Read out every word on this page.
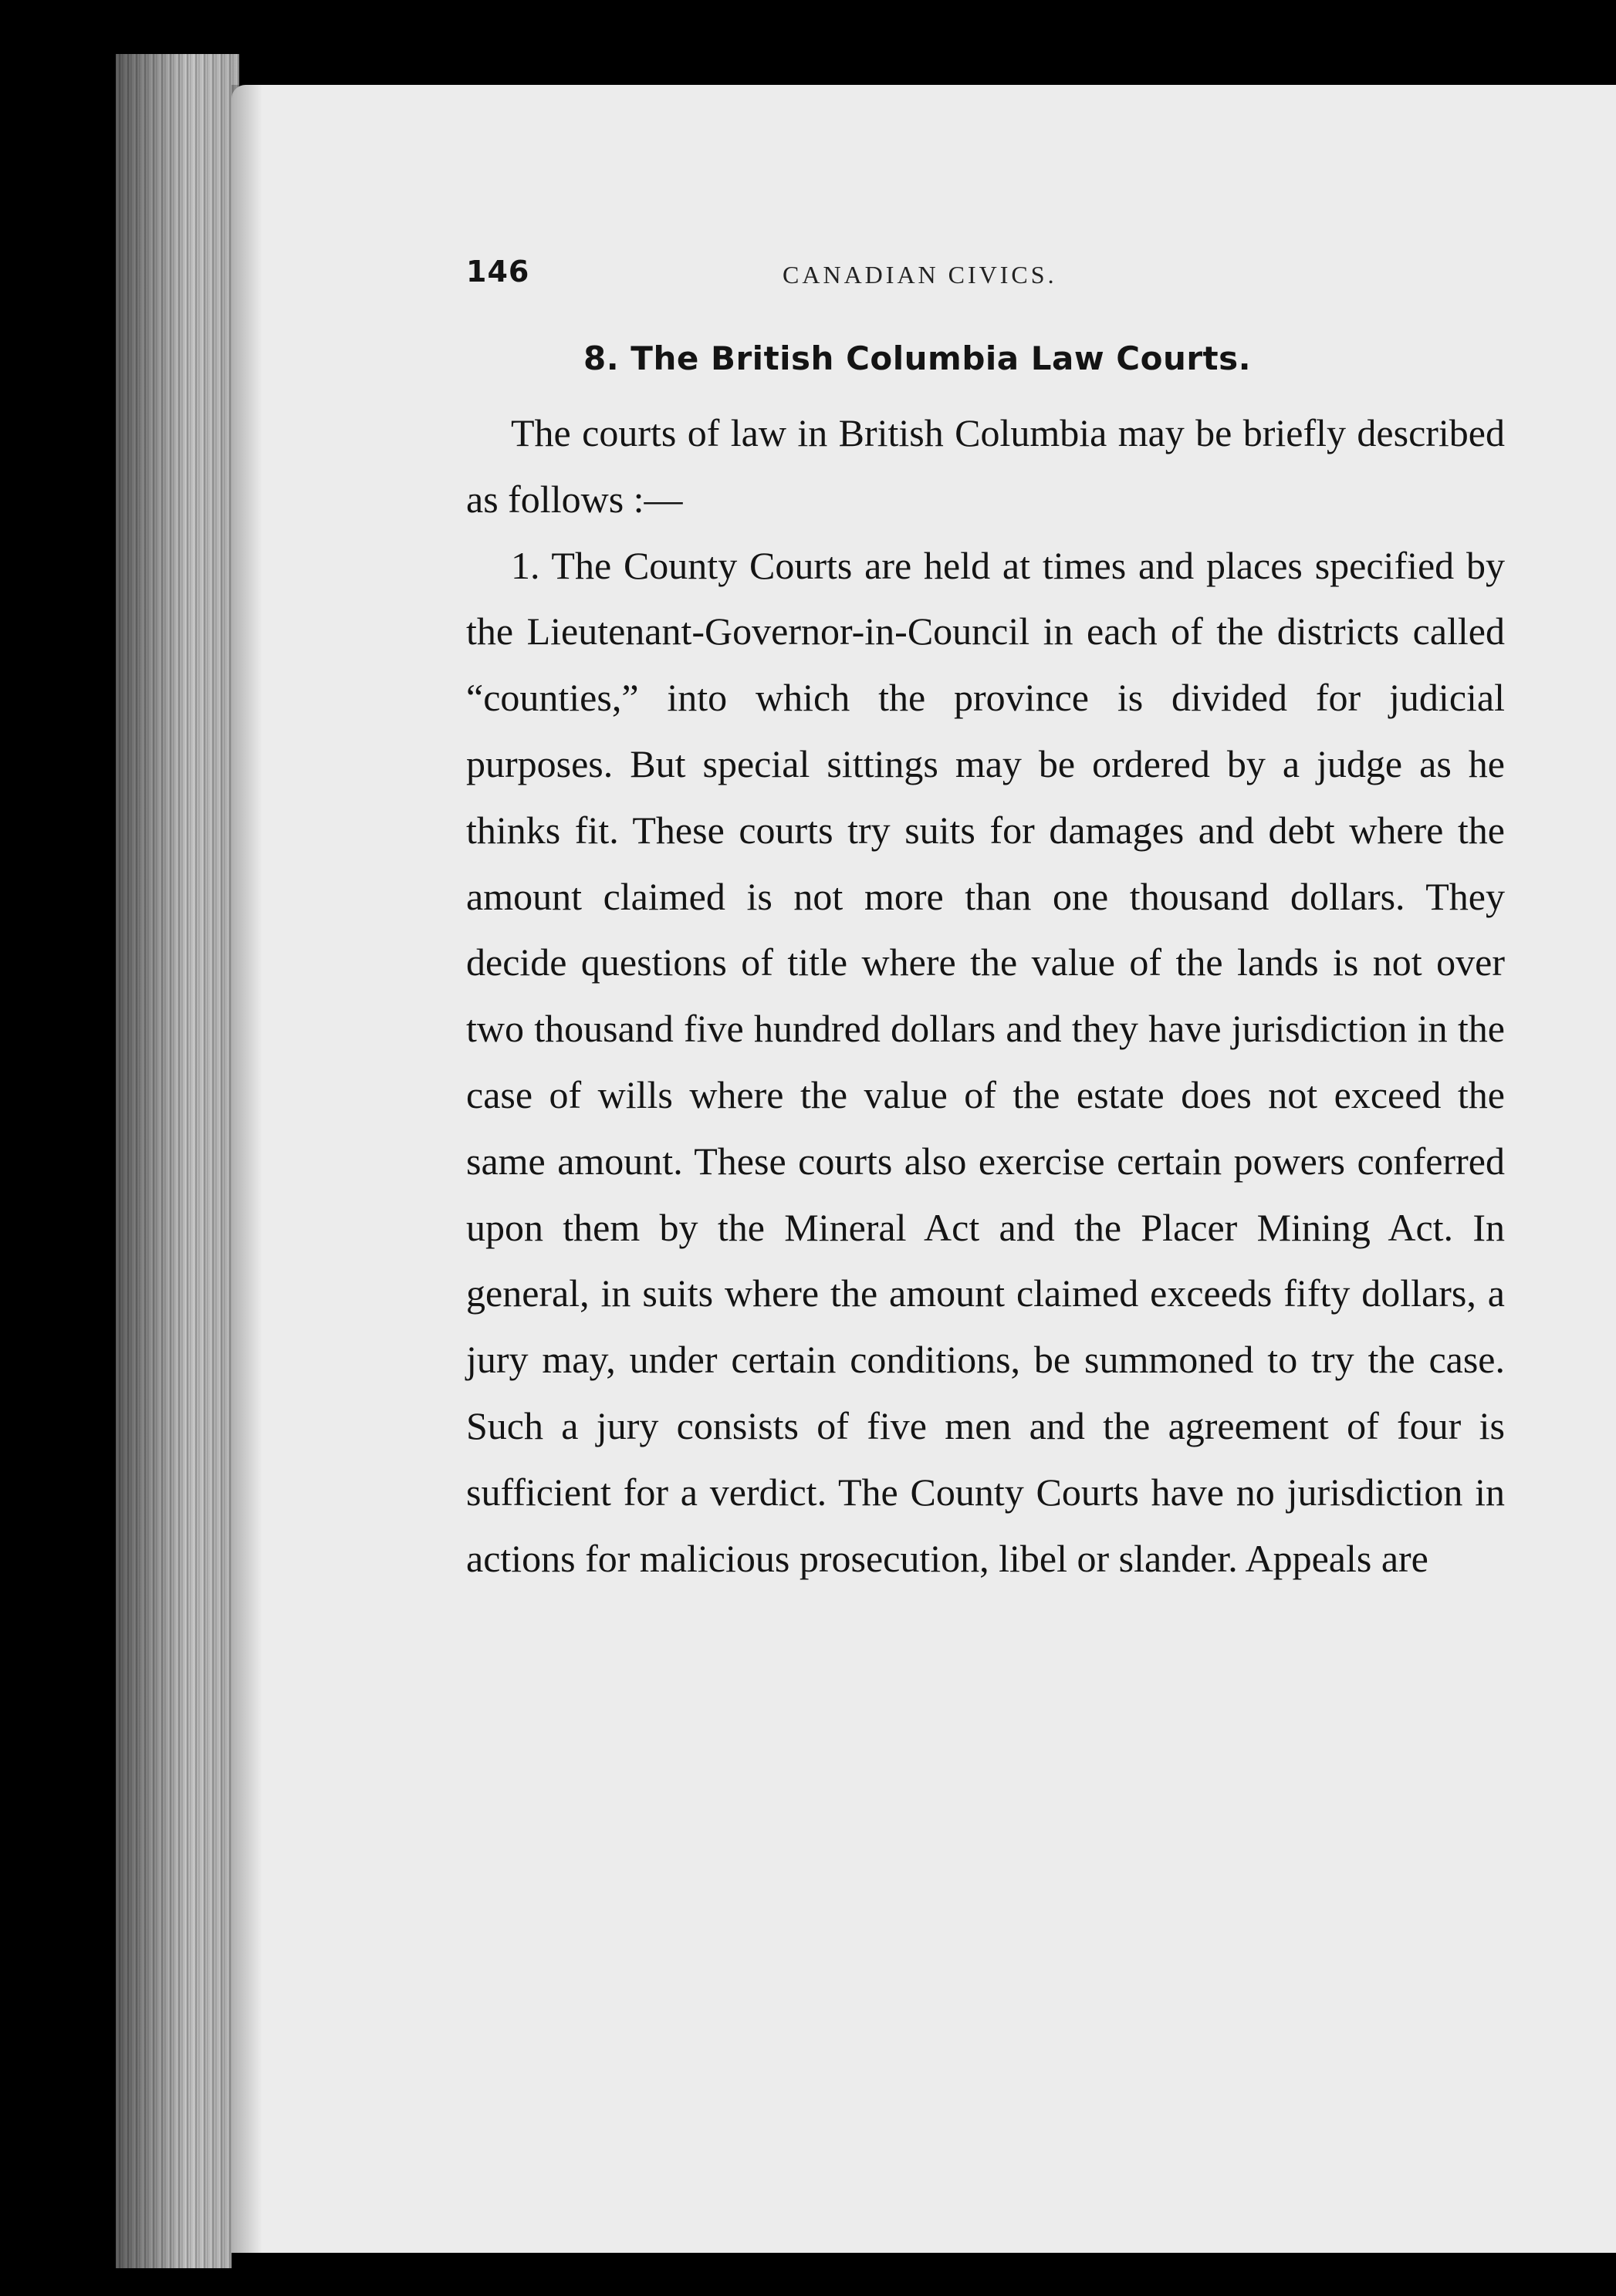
146	CANADIAN CIVICS.
8. The British Columbia Law Courts.

The courts of law in British Columbia may be briefly described as follows :—

1. The County Courts are held at times and places specified by the Lieutenant-Governor-in-Council in each of the districts called “counties,” into which the province is divided for judicial purposes. But special sittings may be ordered by a judge as he thinks fit. These courts try suits for damages and debt where the amount claimed is not more than one thousand dollars. They decide questions of title where the value of the lands is not over two thousand five hundred dollars and they have jurisdiction in the case of wills where the value of the estate does not exceed the same amount. These courts also exercise certain powers conferred upon them by the Mineral Act and the Placer Mining Act. In general, in suits where the amount claimed exceeds fifty dollars, a jury may, under certain conditions, be summoned to try the case. Such a jury consists of five men and the agreement of four is sufficient for a verdict. The County Courts have no jurisdiction in actions for malicious prosecution, libel or slander. Appeals are
